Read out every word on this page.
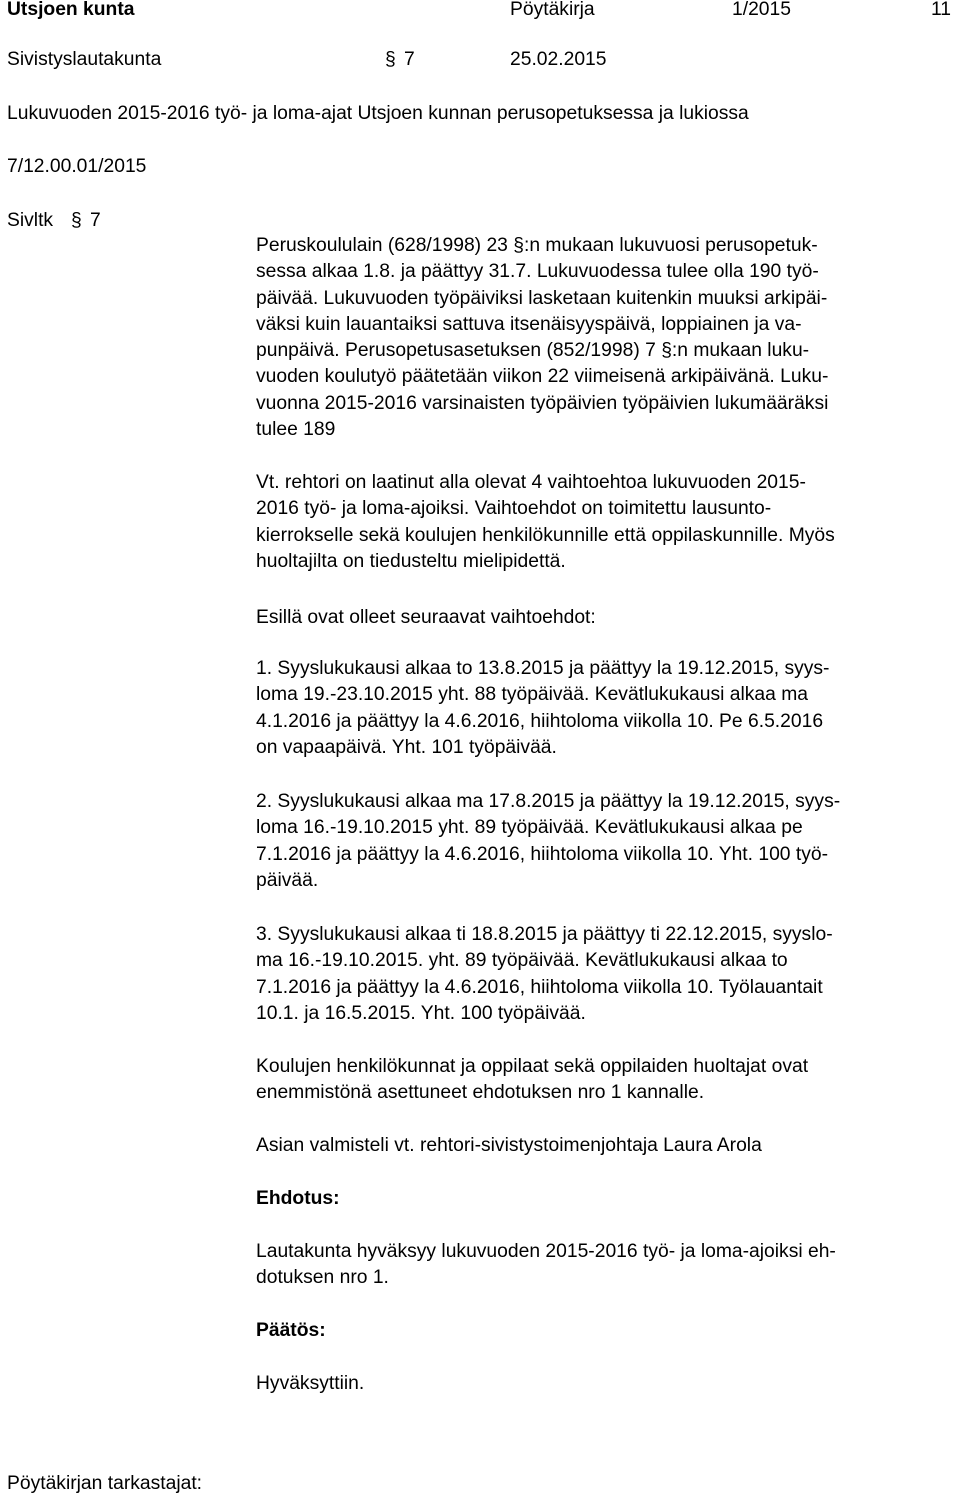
Utsjoen kunta	Pöytäkirja	1/2015	11
Sivistyslautakunta	§ 7	25.02.2015
Lukuvuoden 2015-2016 työ- ja loma-ajat Utsjoen kunnan perusopetuksessa ja lukiossa
7/12.00.01/2015
Sivltk § 7
Peruskoululain (628/1998) 23 §:n mukaan lukuvuosi perusopetuk-
sessa alkaa 1.8. ja päättyy 31.7. Lukuvuodessa tulee olla 190 työ-
päivää. Lukuvuoden työpäiviksi lasketaan kuitenkin muuksi arkipäi-
väksi kuin lauantaiksi sattuva itsenäisyyspäivä, loppiainen ja va-
punpäivä. Perusopetusasetuksen (852/1998) 7 §:n mukaan luku-
vuoden koulutyö päätetään viikon 22 viimeisenä arkipäivänä. Luku-
vuonna 2015-2016 varsinaisten työpäivien työpäivien lukumääräksi
tulee 189
Vt. rehtori on laatinut alla olevat 4 vaihtoehtoa lukuvuoden 2015-
2016 työ- ja loma-ajoiksi. Vaihtoehdot on toimitettu lausunto-
kierrokselle sekä koulujen henkilökunnille että oppilaskunnille. Myös
huoltajilta on tiedusteltu mielipidettä.
Esillä ovat olleet seuraavat vaihtoehdot:
1. Syyslukukausi alkaa to 13.8.2015 ja päättyy la 19.12.2015, syys-
loma 19.-23.10.2015 yht. 88 työpäivää. Kevätlukukausi alkaa ma
4.1.2016 ja päättyy la 4.6.2016, hiihtoloma viikolla 10. Pe 6.5.2016
on vapaapäivä. Yht. 101 työpäivää.
2. Syyslukukausi alkaa ma 17.8.2015 ja päättyy la 19.12.2015, syys-
loma 16.-19.10.2015 yht. 89 työpäivää. Kevätlukukausi alkaa pe
7.1.2016 ja päättyy la 4.6.2016, hiihtoloma viikolla 10. Yht. 100 työ-
päivää.
3. Syyslukukausi alkaa ti 18.8.2015 ja päättyy ti 22.12.2015, syyslo-
ma 16.-19.10.2015. yht. 89 työpäivää. Kevätlukukausi alkaa to
7.1.2016 ja päättyy la 4.6.2016, hiihtoloma viikolla 10. Työlauantait
10.1. ja 16.5.2015. Yht. 100 työpäivää.
Koulujen henkilökunnat ja oppilaat sekä oppilaiden huoltajat ovat
enemmistönä asettuneet ehdotuksen nro 1 kannalle.
Asian valmisteli vt. rehtori-sivistystoimenjohtaja Laura Arola
Ehdotus:
Lautakunta hyväksyy lukuvuoden 2015-2016 työ- ja loma-ajoiksi eh-
dotuksen nro 1.
Päätös:
Hyväksyttiin.
Pöytäkirjan tarkastajat:
